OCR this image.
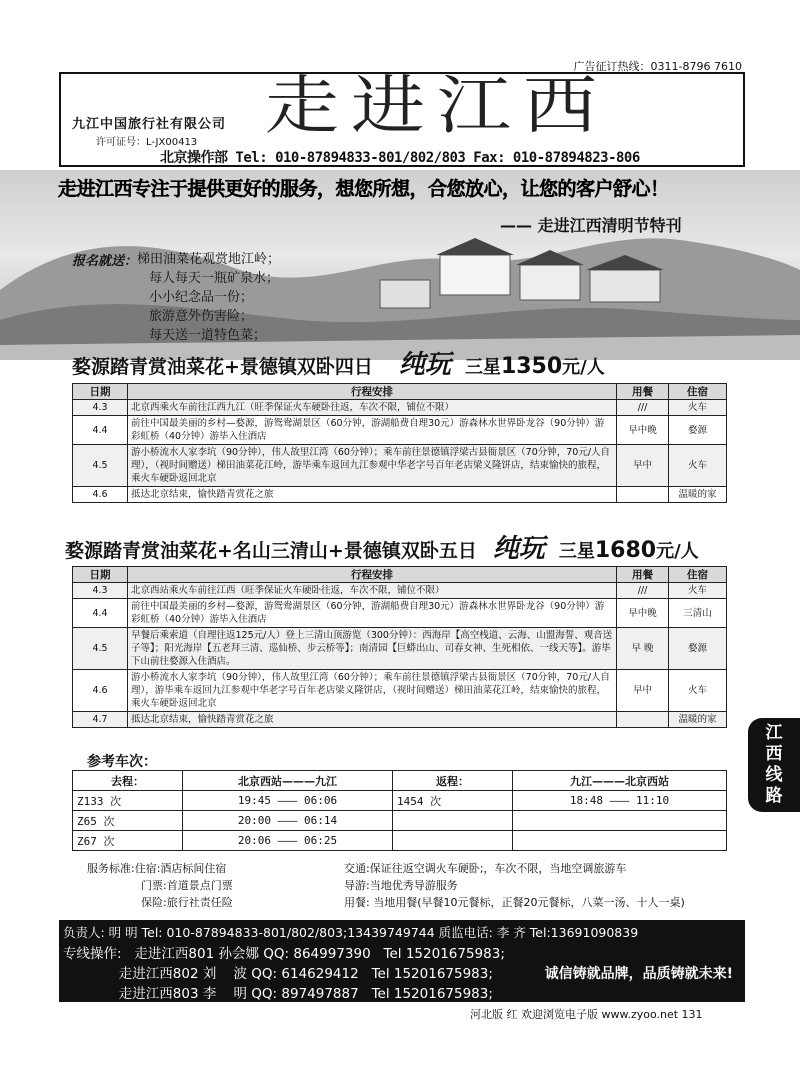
广告征订热线：0311-8796 7610
九江中国旅行社有限公司
许可证号：L-JX00413 走进江西
北京操作部 Tel: 010-87894833-801/802/803 Fax: 010-87894823-806
走进江西专注于提供更好的服务，想您所想，合您放心，让您的客户舒心！
—— 走进江西清明节特刊
报名就送： 梯田油菜花观赏地江岭；
每人每天一瓶矿泉水；
小小纪念品一份；
旅游意外伤害险；
每天送一道特色菜；
婺源踏青赏油菜花+景德镇双卧四日 纯玩 三星1350元/人
日期	行程安排	用餐	住宿
4.3	北京西乘火车前往江西九江（旺季保证火车硬卧往返，车次不限，铺位不限）	///	火车
4.4	前往中国最美丽的乡村—婺源，游鸳鸯湖景区（60分钟，游湖船费自理30元）游森林水世界卧龙谷（90分钟）游彩虹桥（40分钟）游毕入住酒店	早中晚	婺源
4.5	游小桥流水人家李坑（90分钟），伟人故里江湾（60分钟）；乘车前往景德镇浮梁古县衙景区（70分钟，70元/人自理），（视时间赠送）梯田油菜花江岭，游毕乘车返回九江参观中华老字号百年老店梁义隆饼店，结束愉快的旅程，乘火车硬卧返回北京	早中	火车
4.6	抵达北京结束，愉快踏青赏花之旅		温暖的家
婺源踏青赏油菜花+名山三清山+景德镇双卧五日 纯玩 三星1680元/人
日期	行程安排	用餐	住宿
4.3	北京西站乘火车前往江西（旺季保证火车硬卧往返，车次不限，铺位不限）	///	火车
4.4	前往中国最美丽的乡村—婺源，游鸳鸯湖景区（60分钟，游湖船费自理30元）游森林水世界卧龙谷（90分钟）游彩虹桥（40分钟）游毕入住酒店	早中晚	三清山
4.5	早餐后乘索道（自理往返125元/人）登上三清山顶游览（300分钟）：西海岸【高空栈道、云海、山盟海誓、观音送子等】；阳光海岸【五老拜三清、巡仙桥、步云桥等】；南清园【巨蟒出山、司春女神、生死相依、一线天等】。游毕下山前往婺源入住酒店。	早 晚	婺源
4.6	游小桥流水人家李坑（90分钟），伟人故里江湾（60分钟）；乘车前往景德镇浮梁古县衙景区（70分钟，70元/人自理），游毕乘车返回九江参观中华老字号百年老店梁义隆饼店，（视时间赠送）梯田油菜花江岭，结束愉快的旅程，乘火车硬卧返回北京	早中	火车
4.7	抵达北京结束，愉快踏青赏花之旅		温暖的家
参考车次：
去程：	北京西站———九江	返程：	九江———北京西站
Z133 次	19:45 ——— 06:06	1454 次	18:48 ——— 11:10
Z65 次	20:00 ——— 06:14		
Z67 次	20:06 ——— 06:25		
服务标准:住宿:酒店标间住宿
门票:首道景点门票
保险:旅行社责任险
交通:保证往返空调火车硬卧;，车次不限，当地空调旅游车
导游:当地优秀导游服务
用餐: 当地用餐(早餐10元餐标，正餐20元餐标，八菜一汤、十人一桌)
负责人: 明 明 Tel: 010-87894833-801/802/803;13439749744 质监电话: 李 齐 Tel:13691090839
专线操作:   走进江西801 孙会娜 QQ: 864997390   Tel 15201675983;
走进江西802 刘    波 QQ: 614629412   Tel 15201675983;
走进江西803 李    明 QQ: 897497887   Tel 15201675983;
诚信铸就品牌，品质铸就未来!
河北版 红 欢迎浏览电子版 www.zyoo.net 131
江
西
线
路
